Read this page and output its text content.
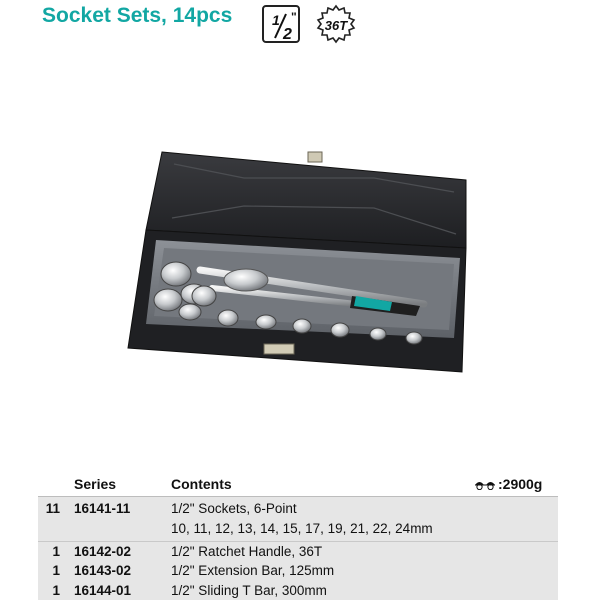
Socket Sets, 14pcs	1
2
"
36T
Series	Contents	:2900g
11 16141-11	1/2" Sockets, 6-Point
10, 11, 12, 13, 14, 15, 17, 19, 21, 22, 24mm
1 16142-02	1/2" Ratchet Handle, 36T
1 16143-02	1/2" Extension Bar, 125mm
1 16144-01	1/2" Sliding T Bar, 300mm
